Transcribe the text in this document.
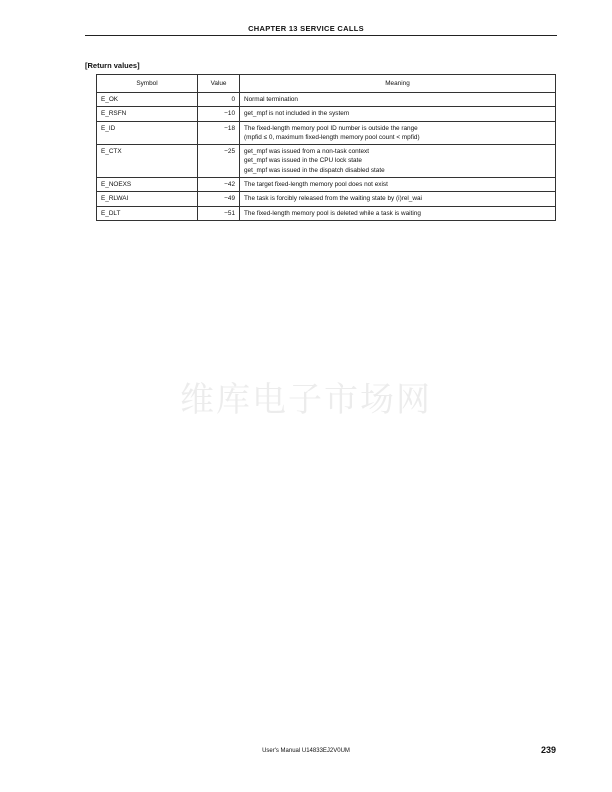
CHAPTER 13 SERVICE CALLS
[Return values]
Symbol	Value	Meaning
E_OK	0	Normal termination

E_RSFN	−10	get_mpf is not included in the system

E_ID	−18	The fixed-length memory pool ID number is outside the range
(mpfid ≤ 0, maximum fixed-length memory pool count < mpfid)

E_CTX	−25	get_mpf was issued from a non-task context
get_mpf was issued in the CPU lock state
get_mpf was issued in the dispatch disabled state

E_NOEXS	−42	The target fixed-length memory pool does not exist

E_RLWAI	−49	The task is forcibly released from the waiting state by (i)rel_wai

E_DLT	−51	The fixed-length memory pool is deleted while a task is waiting
维库电子市场网
User's Manual U14833EJ2V0UM	239
